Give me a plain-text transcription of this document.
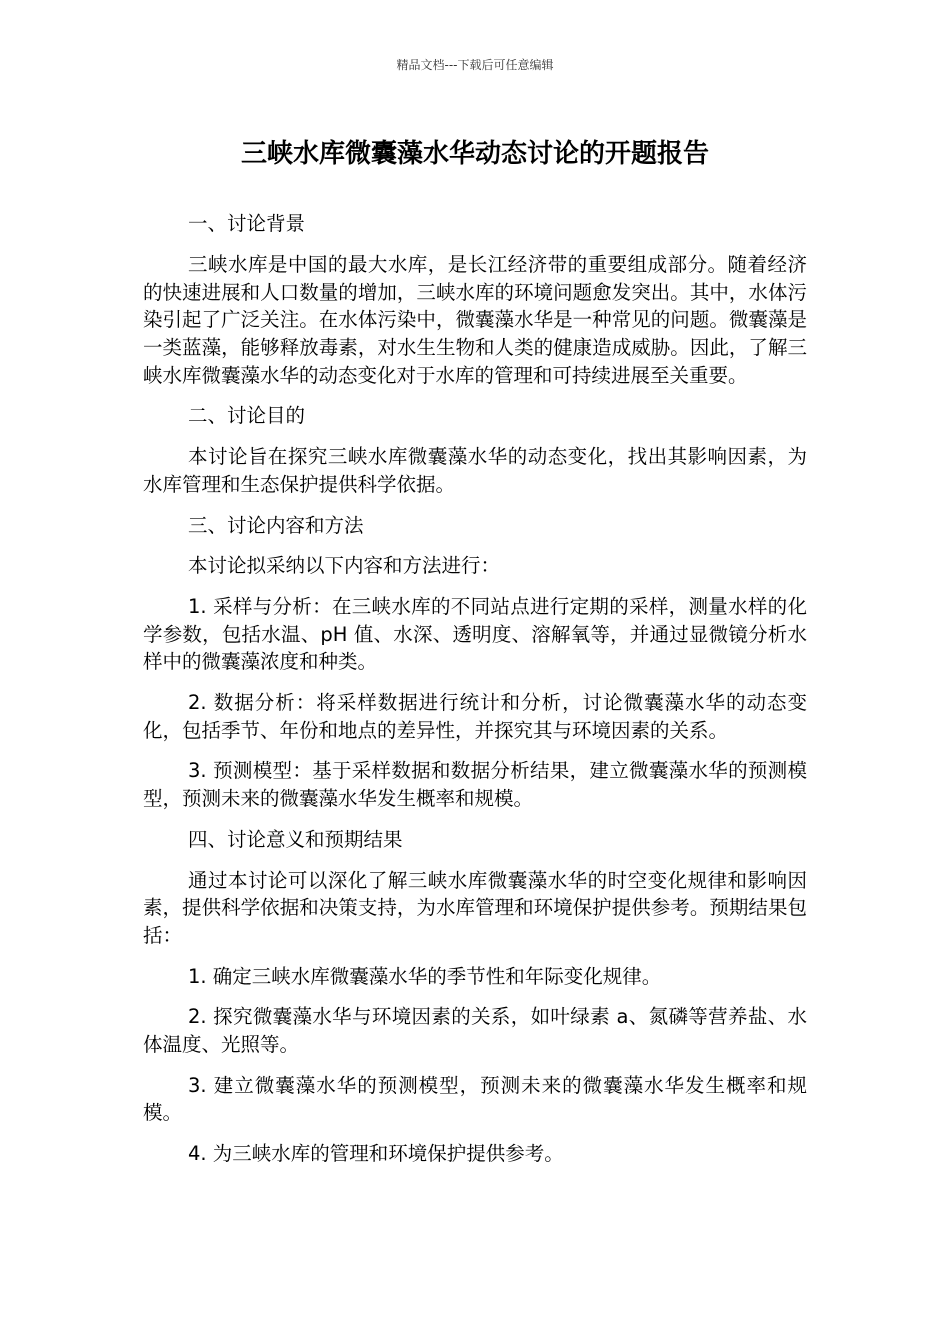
精品文档---下载后可任意编辑
三峡水库微囊藻水华动态讨论的开题报告

一、讨论背景

三峡水库是中国的最大水库，是长江经济带的重要组成部分。随着经济的快速进展和人口数量的增加，三峡水库的环境问题愈发突出。其中，水体污染引起了广泛关注。在水体污染中，微囊藻水华是一种常见的问题。微囊藻是一类蓝藻，能够释放毒素，对水生生物和人类的健康造成威胁。因此，了解三峡水库微囊藻水华的动态变化对于水库的管理和可持续进展至关重要。

二、讨论目的

本讨论旨在探究三峡水库微囊藻水华的动态变化，找出其影响因素，为水库管理和生态保护提供科学依据。

三、讨论内容和方法

本讨论拟采纳以下内容和方法进行：

1. 采样与分析：在三峡水库的不同站点进行定期的采样，测量水样的化学参数，包括水温、pH 值、水深、透明度、溶解氧等，并通过显微镜分析水样中的微囊藻浓度和种类。

2. 数据分析：将采样数据进行统计和分析，讨论微囊藻水华的动态变化，包括季节、年份和地点的差异性，并探究其与环境因素的关系。

3. 预测模型：基于采样数据和数据分析结果，建立微囊藻水华的预测模型，预测未来的微囊藻水华发生概率和规模。

四、讨论意义和预期结果

通过本讨论可以深化了解三峡水库微囊藻水华的时空变化规律和影响因素，提供科学依据和决策支持，为水库管理和环境保护提供参考。预期结果包括：

1. 确定三峡水库微囊藻水华的季节性和年际变化规律。

2. 探究微囊藻水华与环境因素的关系，如叶绿素 a、氮磷等营养盐、水体温度、光照等。

3. 建立微囊藻水华的预测模型，预测未来的微囊藻水华发生概率和规模。

4. 为三峡水库的管理和环境保护提供参考。
